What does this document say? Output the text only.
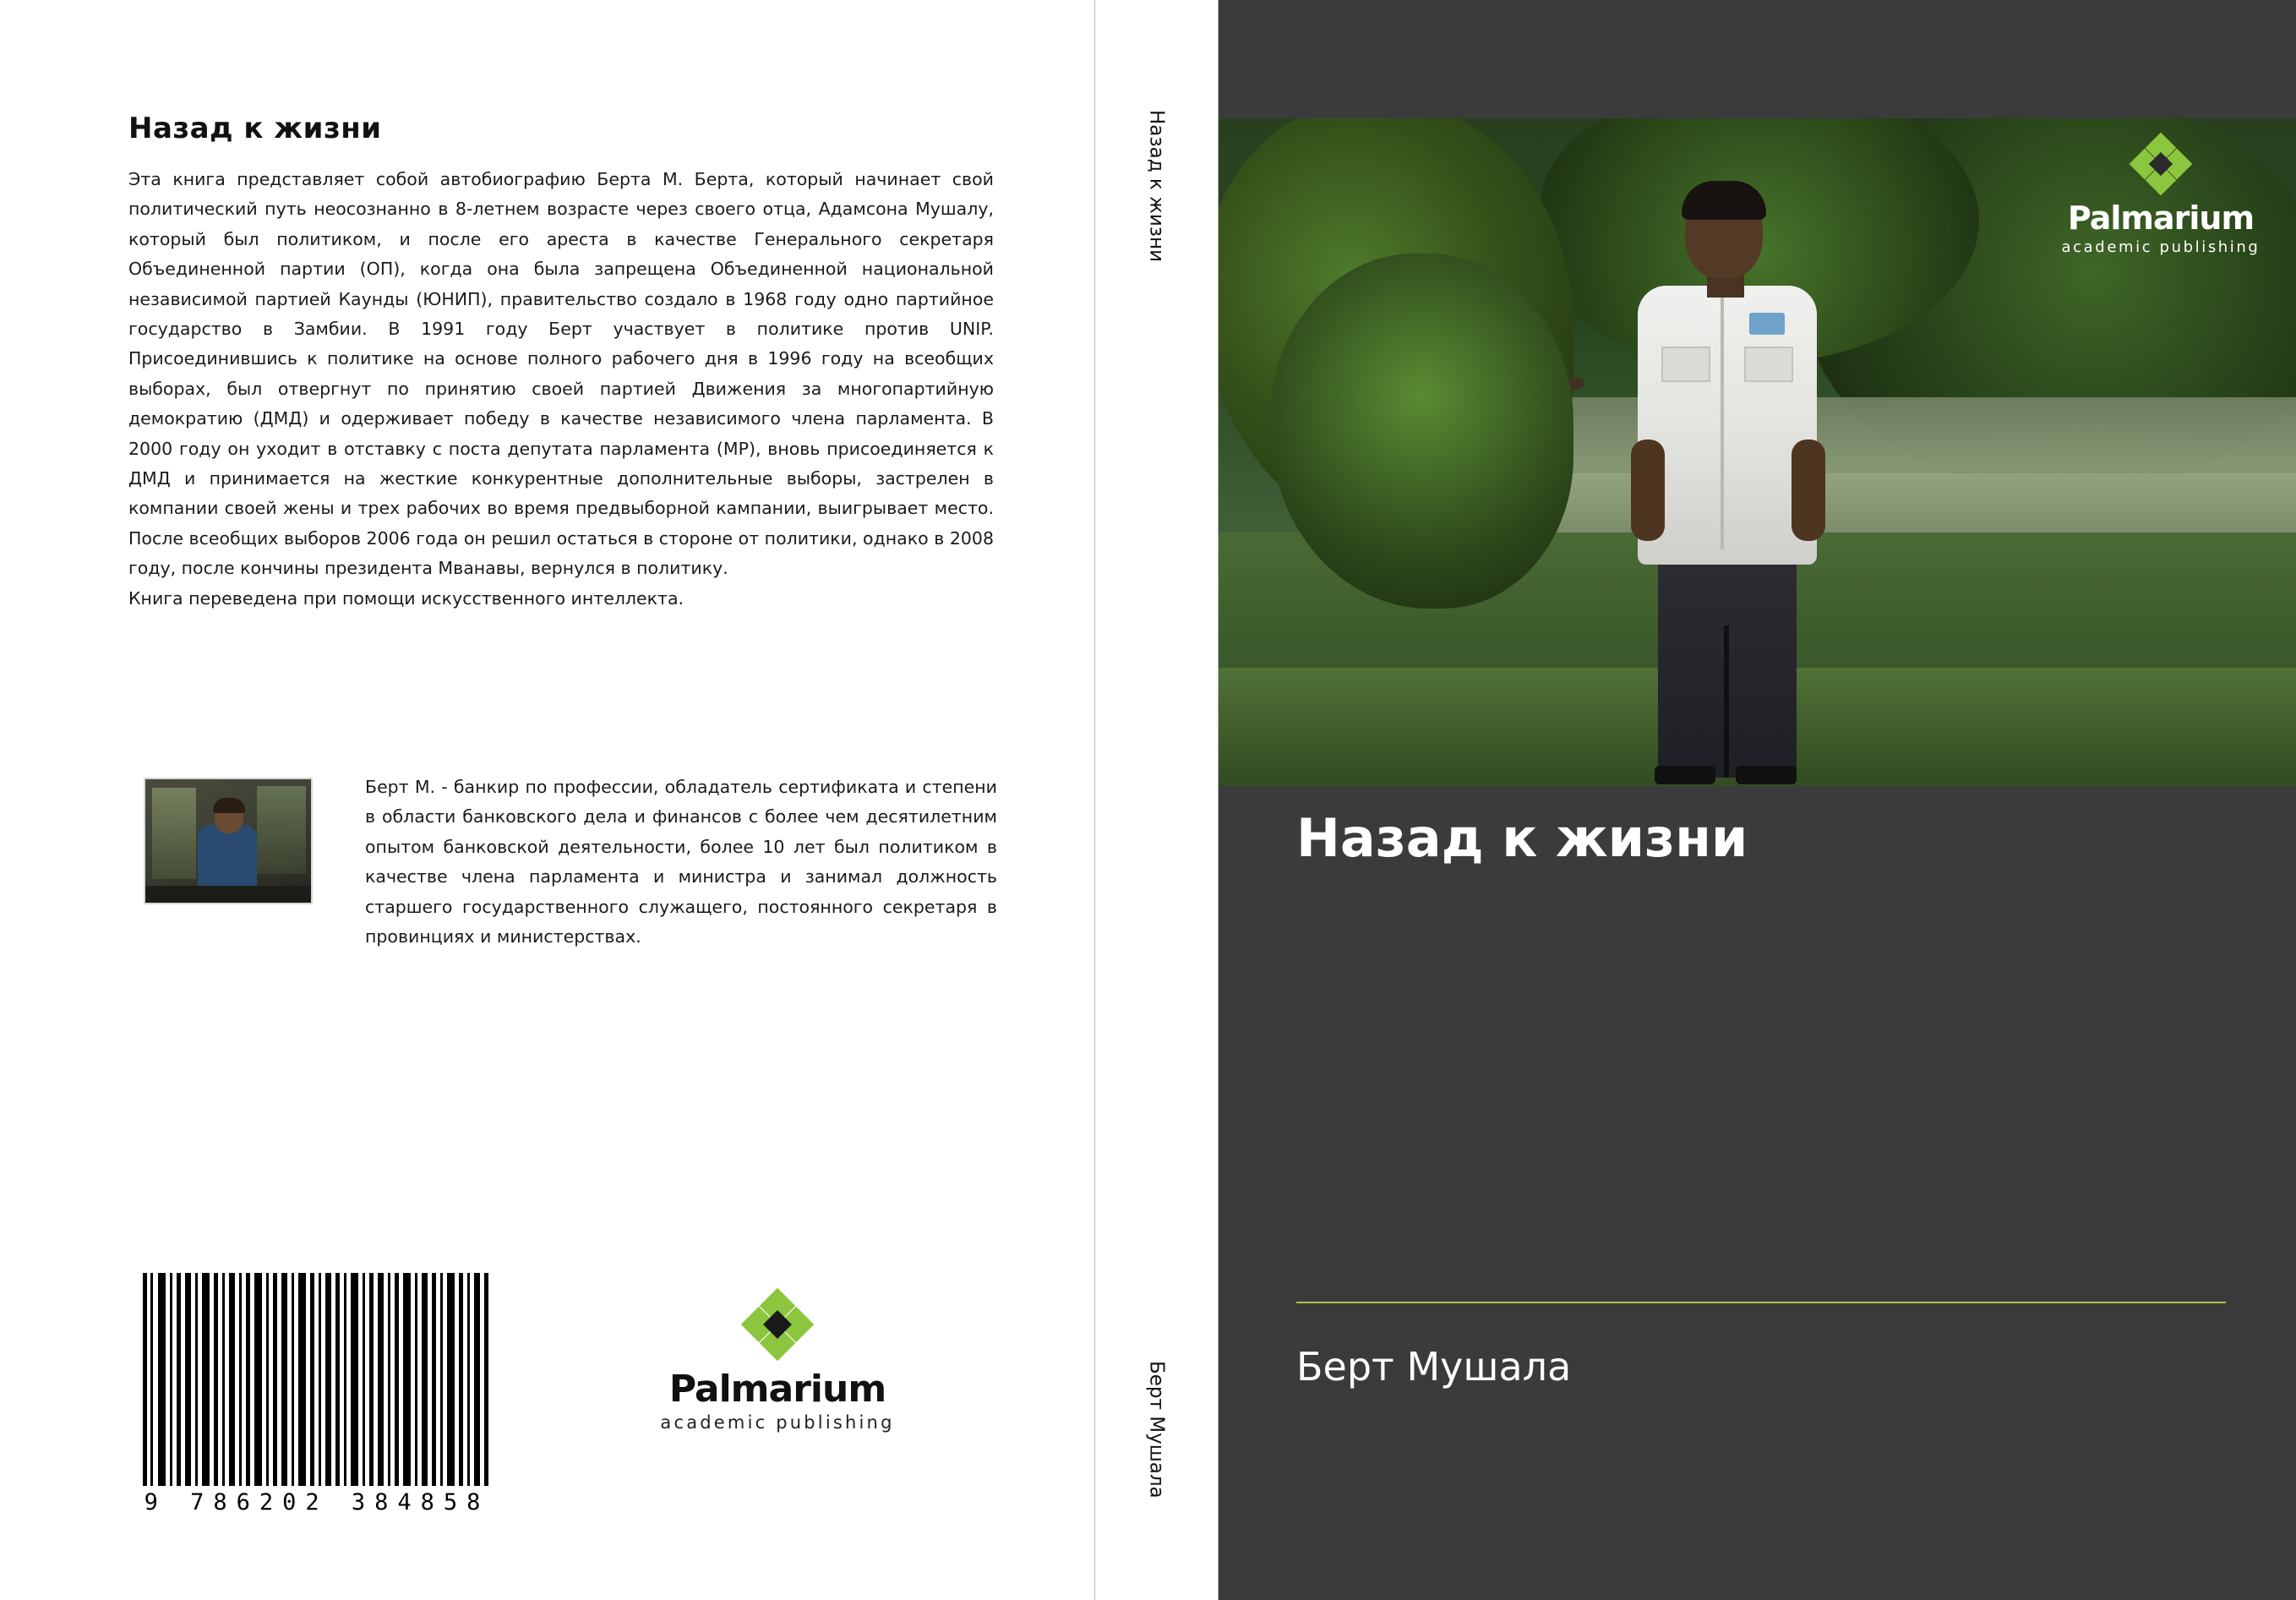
Назад к жизни

Эта книга представляет собой автобиографию Берта М. Берта, который начинает свой политический путь неосознанно в 8-летнем возрасте через своего отца, Адамсона Мушалу, который был политиком, и после его ареста в качестве Генерального секретаря Объединенной партии (ОП), когда она была запрещена Объединенной национальной независимой партией Каунды (ЮНИП), правительство создало в 1968 году одно партийное государство в Замбии. В 1991 году Берт участвует в политике против UNIP. Присоединившись к политике на основе полного рабочего дня в 1996 году на всеобщих выборах, был отвергнут по принятию своей партией Движения за многопартийную демократию (ДМД) и одерживает победу в качестве независимого члена парламента. В 2000 году он уходит в отставку с поста депутата парламента (МР), вновь присоединяется к ДМД и принимается на жесткие конкурентные дополнительные выборы, застрелен в компании своей жены и трех рабочих во время предвыборной кампании, выигрывает место. После всеобщих выборов 2006 года он решил остаться в стороне от политики, однако в 2008 году, после кончины президента Мванавы, вернулся в политику.

Книга переведена при помощи искусственного интеллекта.

Берт М. - банкир по профессии, обладатель сертификата и степени в области банковского дела и финансов с более чем десятилетним опытом банковской деятельности, более 10 лет был политиком в качестве члена парламента и министра и занимал должность старшего государственного служащего, постоянного секретаря в провинциях и министерствах.
9 786202 384858
Palmarium
academic publishing
Назад к жизни
Берт Мушала
Palmarium
academic publishing
Назад к жизни
Берт Мушала
